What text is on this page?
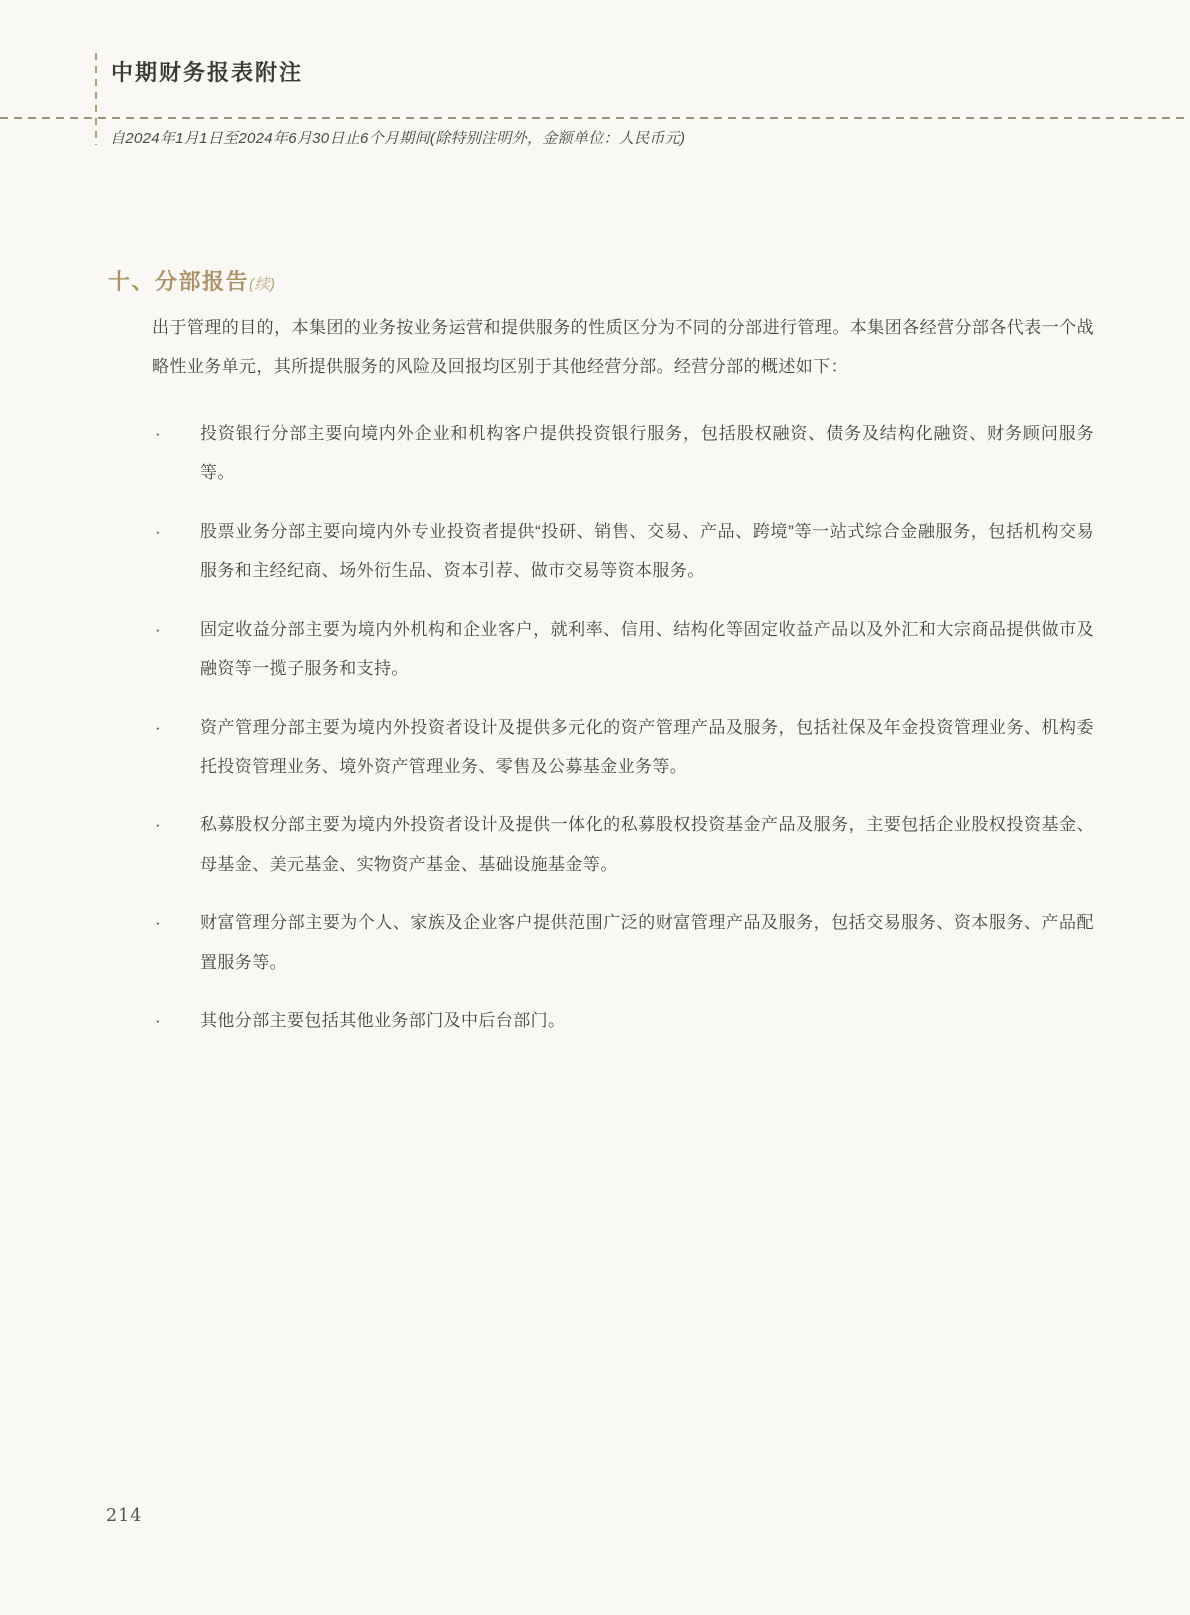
中期财务报表附注
自2024年1月1日至2024年6月30日止6个月期间(除特别注明外，金额单位：人民币元)
十、分部报告(续)

出于管理的目的，本集团的业务按业务运营和提供服务的性质区分为不同的分部进行管理。本集团各经营分部各代表一个战略性业务单元，其所提供服务的风险及回报均区别于其他经营分部。经营分部的概述如下：

·	投资银行分部主要向境内外企业和机构客户提供投资银行服务，包括股权融资、债务及结构化融资、财务顾问服务等。
·	股票业务分部主要向境内外专业投资者提供“投研、销售、交易、产品、跨境”等一站式综合金融服务，包括机构交易服务和主经纪商、场外衍生品、资本引荐、做市交易等资本服务。
·	固定收益分部主要为境内外机构和企业客户，就利率、信用、结构化等固定收益产品以及外汇和大宗商品提供做市及融资等一揽子服务和支持。
·	资产管理分部主要为境内外投资者设计及提供多元化的资产管理产品及服务，包括社保及年金投资管理业务、机构委托投资管理业务、境外资产管理业务、零售及公募基金业务等。
·	私募股权分部主要为境内外投资者设计及提供一体化的私募股权投资基金产品及服务，主要包括企业股权投资基金、母基金、美元基金、实物资产基金、基础设施基金等。
·	财富管理分部主要为个人、家族及企业客户提供范围广泛的财富管理产品及服务，包括交易服务、资本服务、产品配置服务等。
·	其他分部主要包括其他业务部门及中后台部门。
214
